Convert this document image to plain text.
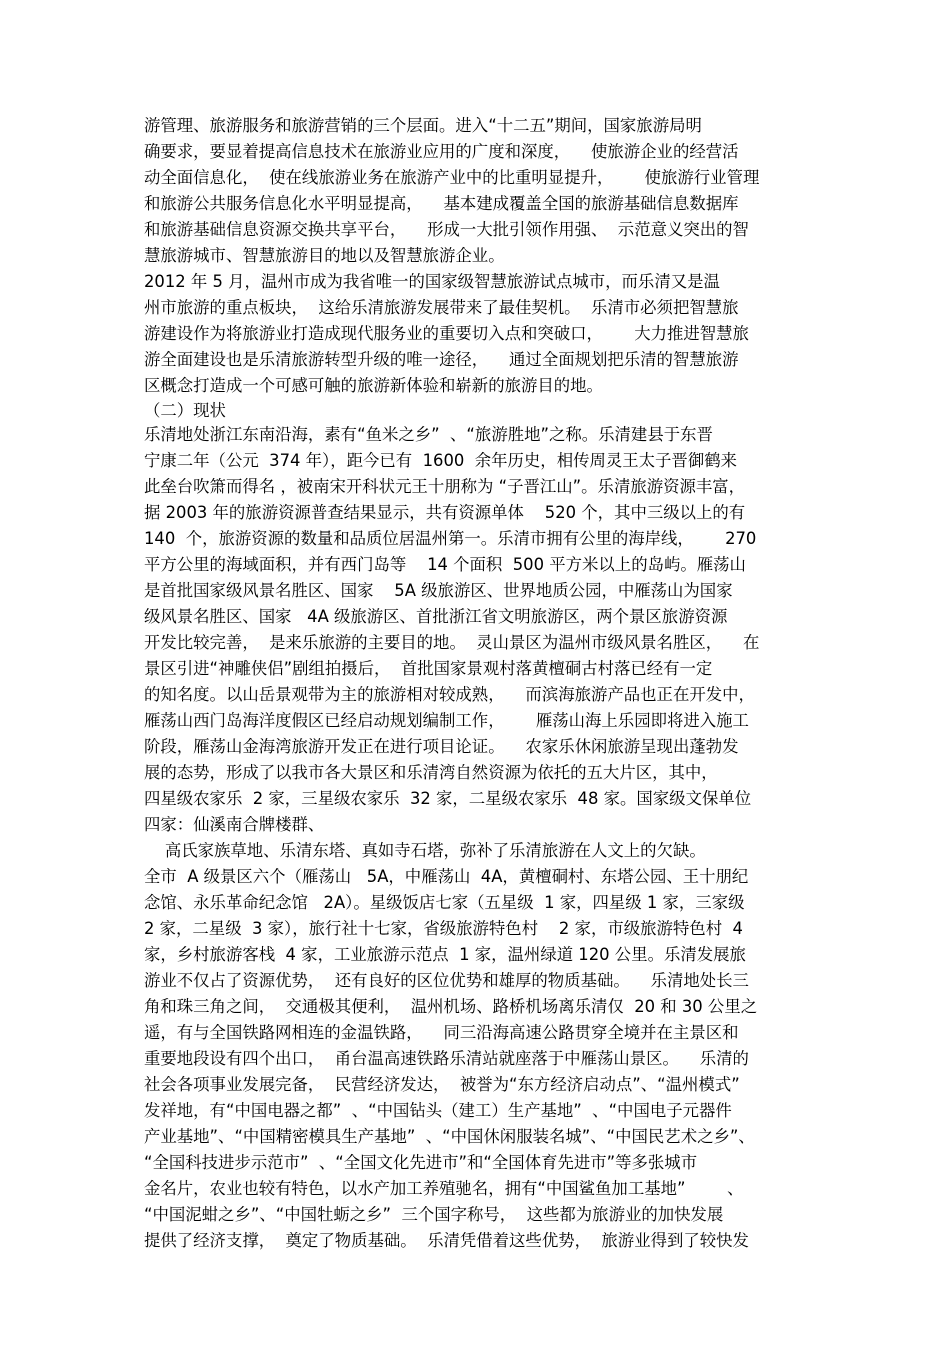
游管理、旅游服务和旅游营销的三个层面。进入“十二五”期间，国家旅游局明
确要求，要显着提高信息技术在旅游业应用的广度和深度，    使旅游企业的经营活
动全面信息化，  使在线旅游业务在旅游产业中的比重明显提升，      使旅游行业管理
和旅游公共服务信息化水平明显提高，    基本建成覆盖全国的旅游基础信息数据库
和旅游基础信息资源交换共享平台，    形成一大批引领作用强、  示范意义突出的智
慧旅游城市、智慧旅游目的地以及智慧旅游企业。
2012 年 5 月，温州市成为我省唯一的国家级智慧旅游试点城市，而乐清又是温
州市旅游的重点板块，  这给乐清旅游发展带来了最佳契机。  乐清市必须把智慧旅
游建设作为将旅游业打造成现代服务业的重要切入点和突破口，      大力推进智慧旅
游全面建设也是乐清旅游转型升级的唯一途径，    通过全面规划把乐清的智慧旅游
区概念打造成一个可感可触的旅游新体验和崭新的旅游目的地。
（二）现状
乐清地处浙江东南沿海，素有“鱼米之乡”  、“旅游胜地”之称。乐清建县于东晋
宁康二年（公元  374 年），距今已有  1600  余年历史，相传周灵王太子晋御鹤来
此垒台吹箫而得名 ，被南宋开科状元王十朋称为 “子晋江山”。乐清旅游资源丰富，
据 2003 年的旅游资源普查结果显示，共有资源单体    520 个，其中三级以上的有
140  个，旅游资源的数量和品质位居温州第一。乐清市拥有公里的海岸线，      270
平方公里的海域面积，并有西门岛等    14 个面积  500 平方米以上的岛屿。雁荡山
是首批国家级风景名胜区、国家    5A 级旅游区、世界地质公园，中雁荡山为国家
级风景名胜区、国家   4A 级旅游区、首批浙江省文明旅游区，两个景区旅游资源
开发比较完善，  是来乐旅游的主要目的地。  灵山景区为温州市级风景名胜区，    在
景区引进“神雕侠侣”剧组拍摄后，  首批国家景观村落黄檀硐古村落已经有一定
的知名度。以山岳景观带为主的旅游相对较成熟，    而滨海旅游产品也正在开发中，
雁荡山西门岛海洋度假区已经启动规划编制工作，      雁荡山海上乐园即将进入施工
阶段，雁荡山金海湾旅游开发正在进行项目论证。    农家乐休闲旅游呈现出蓬勃发
展的态势，形成了以我市各大景区和乐清湾自然资源为依托的五大片区，其中，
四星级农家乐  2 家，三星级农家乐  32 家，二星级农家乐  48 家。国家级文保单位
四家：仙溪南合牌楼群、
高氏家族草地、乐清东塔、真如寺石塔，弥补了乐清旅游在人文上的欠缺。
全市  A 级景区六个（雁荡山   5A，中雁荡山  4A，黄檀硐村、东塔公园、王十朋纪
念馆、永乐革命纪念馆   2A）。星级饭店七家（五星级  1 家，四星级 1 家，三家级
2 家，二星级  3 家），旅行社十七家，省级旅游特色村    2 家，市级旅游特色村  4
家，乡村旅游客栈  4 家，工业旅游示范点  1 家，温州绿道 120 公里。乐清发展旅
游业不仅占了资源优势，  还有良好的区位优势和雄厚的物质基础。    乐清地处长三
角和珠三角之间，  交通极其便利，  温州机场、路桥机场离乐清仅  20 和 30 公里之
遥，有与全国铁路网相连的金温铁路，    同三沿海高速公路贯穿全境并在主景区和
重要地段设有四个出口，  甬台温高速铁路乐清站就座落于中雁荡山景区。    乐清的
社会各项事业发展完备，  民营经济发达，  被誉为“东方经济启动点”、“温州模式”
发祥地，有“中国电器之都”  、“中国钻头（建工）生产基地”  、“中国电子元器件
产业基地”、“中国精密模具生产基地”  、“中国休闲服装名城”、“中国民艺术之乡”、
“全国科技进步示范市”  、“全国文化先进市”和“全国体育先进市”等多张城市
金名片，农业也较有特色，以水产加工养殖驰名，拥有“中国鲨鱼加工基地”        、
“中国泥蚶之乡”、“中国牡蛎之乡”  三个国字称号，  这些都为旅游业的加快发展
提供了经济支撑，  奠定了物质基础。  乐清凭借着这些优势，  旅游业得到了较快发
